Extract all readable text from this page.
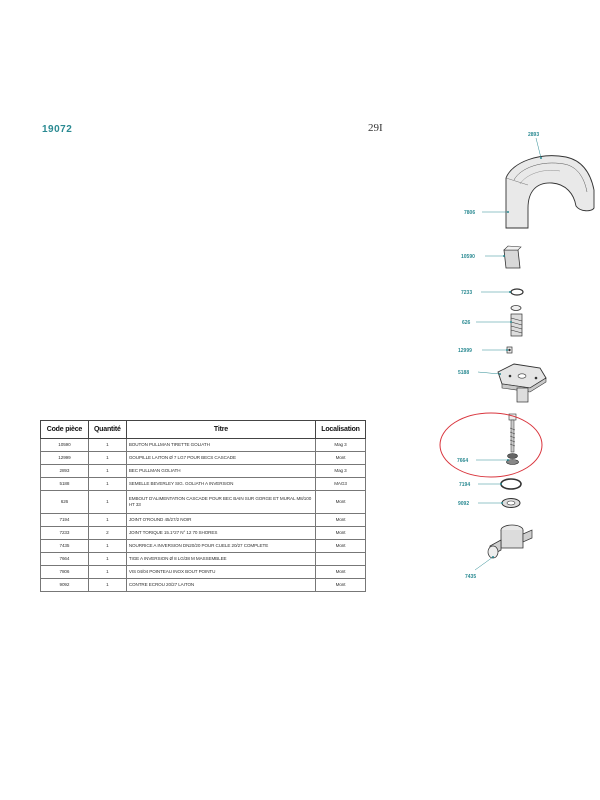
19072	29I
Code pièce	Quantité	Titre	Localisation
10590	1	BOUTON PULLMAN TIRETTE GOLIATH	Mag 3
12999	1	GOUPILLE LAITON Ø 7 LG7 POUR BECS CASCADE	Mont
2893	1	BEC PULLMAN GOLIATH	Mag 3
5188	1	SEMELLE BEVERLEY SIG. GOLIATH A INVERSION	MAG3
626	1	EMBOUT D'ALIMENTATION CASCADE POUR BEC BAIN SUR GORGE ET MURAL M8/100 HT 33	Mont
7194	1	JOINT O'ROUND 45/27/2 NOIR	Mont
7233	2	JOINT TORIQUE 15.1*27 N° 12 70 SHORES	Mont
7435	1	NOURRICE A INVERSION DN20/20 POUR CUELE 20/27 COMPLETE	Mont
7664	1	TIGE A INVERSION Ø 8 LG/38 M MASSEMBLEE	
7806	1	VIS 04/04 POINTEAU INOX BOUT POINTU	Mont
9092	1	CONTRE ECROU 20/27 LAITON	Mont
2893
7806
10590
7233
626
12999
5188
7664
7194
9092
7435
